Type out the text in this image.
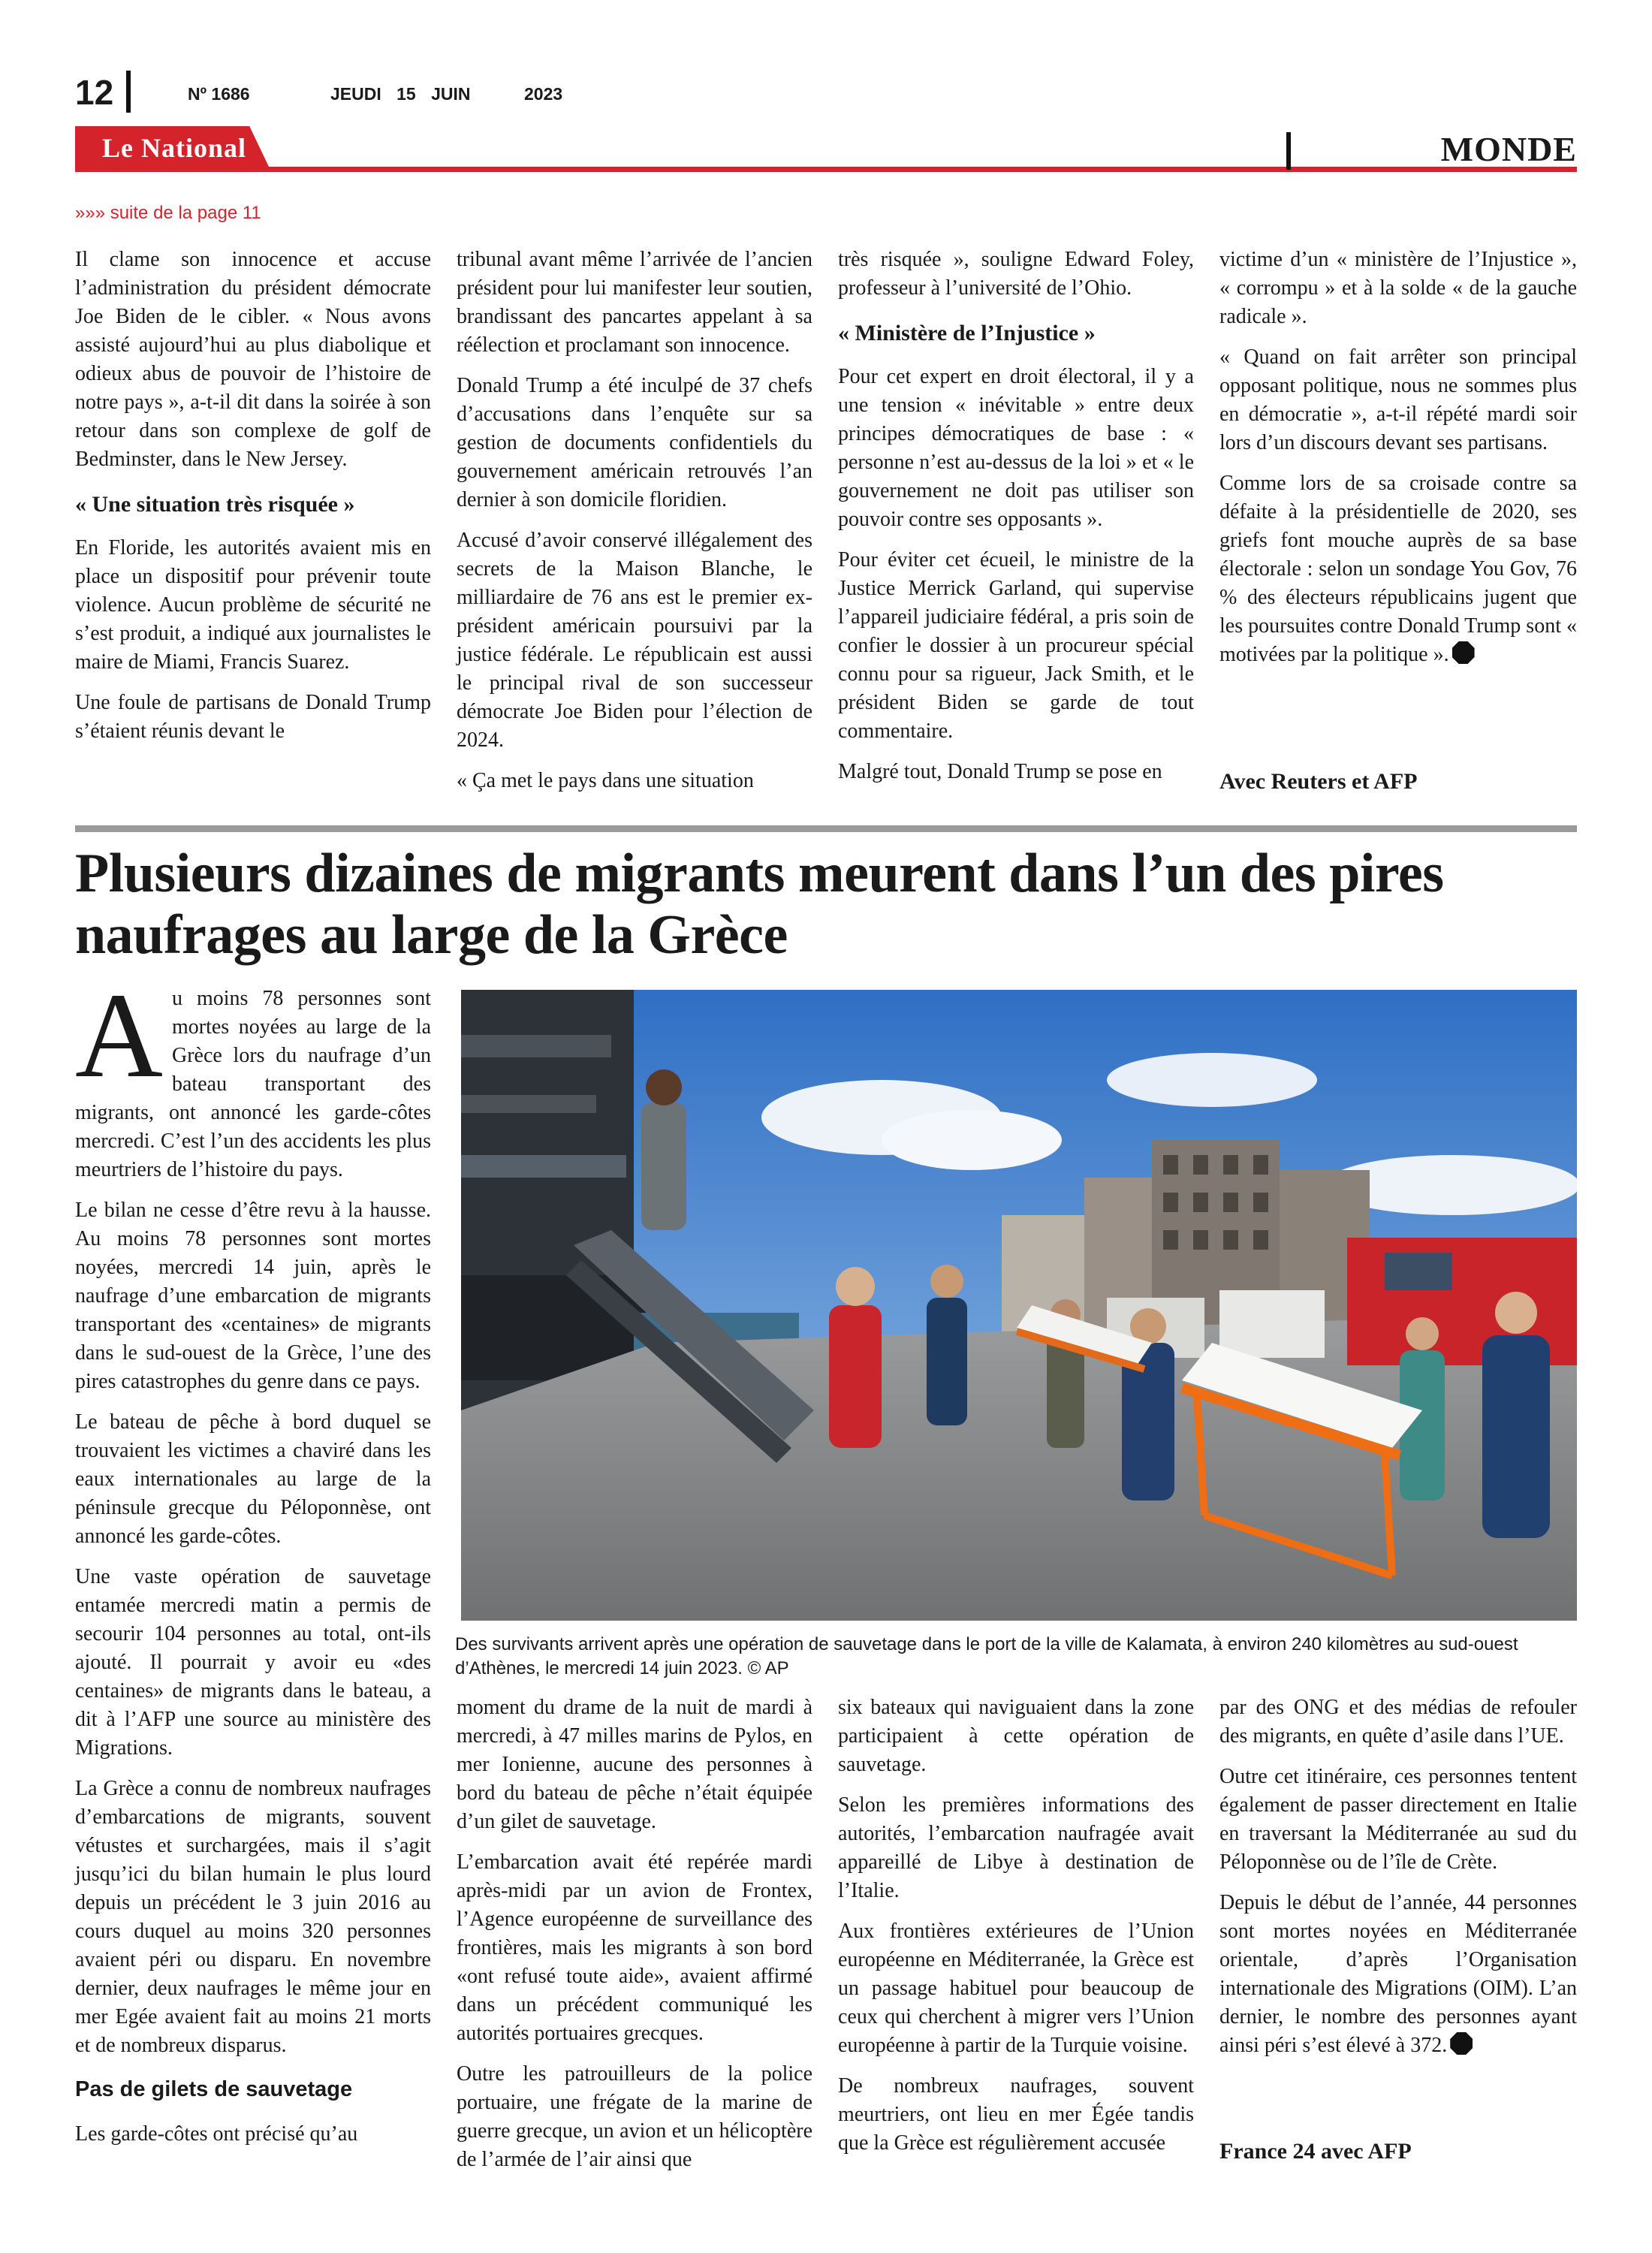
12	Nº 1686	JEUDI 15 JUIN	2023
Le National	MONDE
»»» suite de la page 11

Il clame son innocence et accuse l’administration du président démocrate Joe Biden de le cibler. « Nous avons assisté aujourd’hui au plus diabolique et odieux abus de pouvoir de l’histoire de notre pays », a-t-il dit dans la soirée à son retour dans son complexe de golf de Bedminster, dans le New Jersey.

« Une situation très risquée »

En Floride, les autorités avaient mis en place un dispositif pour prévenir toute violence. Aucun problème de sécurité ne s’est produit, a indiqué aux journalistes le maire de Miami, Francis Suarez.

Une foule de partisans de Donald Trump s’étaient réunis devant le

tribunal avant même l’arrivée de l’ancien président pour lui manifester leur soutien, brandissant des pancartes appelant à sa réélection et proclamant son innocence.

Donald Trump a été inculpé de 37 chefs d’accusations dans l’enquête sur sa gestion de documents confidentiels du gouvernement américain retrouvés l’an dernier à son domicile floridien.

Accusé d’avoir conservé illégalement des secrets de la Maison Blanche, le milliardaire de 76 ans est le premier ex-président américain poursuivi par la justice fédérale. Le républicain est aussi le principal rival de son successeur démocrate Joe Biden pour l’élection de 2024.

« Ça met le pays dans une situation

très risquée », souligne Edward Foley, professeur à l’université de l’Ohio.

« Ministère de l’Injustice »

Pour cet expert en droit électoral, il y a une tension « inévitable » entre deux principes démocratiques de base : « personne n’est au-dessus de la loi » et « le gouvernement ne doit pas utiliser son pouvoir contre ses opposants ».

Pour éviter cet écueil, le ministre de la Justice Merrick Garland, qui supervise l’appareil judiciaire fédéral, a pris soin de confier le dossier à un procureur spécial connu pour sa rigueur, Jack Smith, et le président Biden se garde de tout commentaire.

Malgré tout, Donald Trump se pose en

victime d’un « ministère de l’Injustice », « corrompu » et à la solde « de la gauche radicale ».

« Quand on fait arrêter son principal opposant politique, nous ne sommes plus en démocratie », a-t-il répété mardi soir lors d’un discours devant ses partisans.

Comme lors de sa croisade contre sa défaite à la présidentielle de 2020, ses griefs font mouche auprès de sa base électorale : selon un sondage You Gov, 76 % des électeurs républicains jugent que les poursuites contre Donald Trump sont « motivées par la politique ».

Avec Reuters et AFP
Plusieurs dizaines de migrants meurent dans l’un des pires naufrages au large de la Grèce

Au moins 78 personnes sont mortes noyées au large de la Grèce lors du naufrage d’un bateau transportant des migrants, ont annoncé les garde-côtes mercredi. C’est l’un des accidents les plus meurtriers de l’histoire du pays.

Le bilan ne cesse d’être revu à la hausse. Au moins 78 personnes sont mortes noyées, mercredi 14 juin, après le naufrage d’une embarcation de migrants transportant des «centaines» de migrants dans le sud-ouest de la Grèce, l’une des pires catastrophes du genre dans ce pays.

Le bateau de pêche à bord duquel se trouvaient les victimes a chaviré dans les eaux internationales au large de la péninsule grecque du Péloponnèse, ont annoncé les garde-côtes.

Une vaste opération de sauvetage entamée mercredi matin a permis de secourir 104 personnes au total, ont-ils ajouté. Il pourrait y avoir eu «des centaines» de migrants dans le bateau, a dit à l’AFP une source au ministère des Migrations.

La Grèce a connu de nombreux naufrages d’embarcations de migrants, souvent vétustes et surchargées, mais il s’agit jusqu’ici du bilan humain le plus lourd depuis un précédent le 3 juin 2016 au cours duquel au moins 320 personnes avaient péri ou disparu. En novembre dernier, deux naufrages le même jour en mer Egée avaient fait au moins 21 morts et de nombreux disparus.

Pas de gilets de sauvetage

Les garde-côtes ont précisé qu’au

Des survivants arrivent après une opération de sauvetage dans le port de la ville de Kalamata, à environ 240 kilomètres au sud-ouest d’Athènes, le mercredi 14 juin 2023. © AP

moment du drame de la nuit de mardi à mercredi, à 47 milles marins de Pylos, en mer Ionienne, aucune des personnes à bord du bateau de pêche n’était équipée d’un gilet de sauvetage.

L’embarcation avait été repérée mardi après-midi par un avion de Frontex, l’Agence européenne de surveillance des frontières, mais les migrants à son bord «ont refusé toute aide», avaient affirmé dans un précédent communiqué les autorités portuaires grecques.

Outre les patrouilleurs de la police portuaire, une frégate de la marine de guerre grecque, un avion et un hélicoptère de l’armée de l’air ainsi que

six bateaux qui naviguaient dans la zone participaient à cette opération de sauvetage.

Selon les premières informations des autorités, l’embarcation naufragée avait appareillé de Libye à destination de l’Italie.

Aux frontières extérieures de l’Union européenne en Méditerranée, la Grèce est un passage habituel pour beaucoup de ceux qui cherchent à migrer vers l’Union européenne à partir de la Turquie voisine.

De nombreux naufrages, souvent meurtriers, ont lieu en mer Égée tandis que la Grèce est régulièrement accusée

par des ONG et des médias de refouler des migrants, en quête d’asile dans l’UE.

Outre cet itinéraire, ces personnes tentent également de passer directement en Italie en traversant la Méditerranée au sud du Péloponnèse ou de l’île de Crète.

Depuis le début de l’année, 44 personnes sont mortes noyées en Méditerranée orientale, d’après l’Organisation internationale des Migrations (OIM). L’an dernier, le nombre des personnes ayant ainsi péri s’est élevé à 372.

France 24 avec AFP
